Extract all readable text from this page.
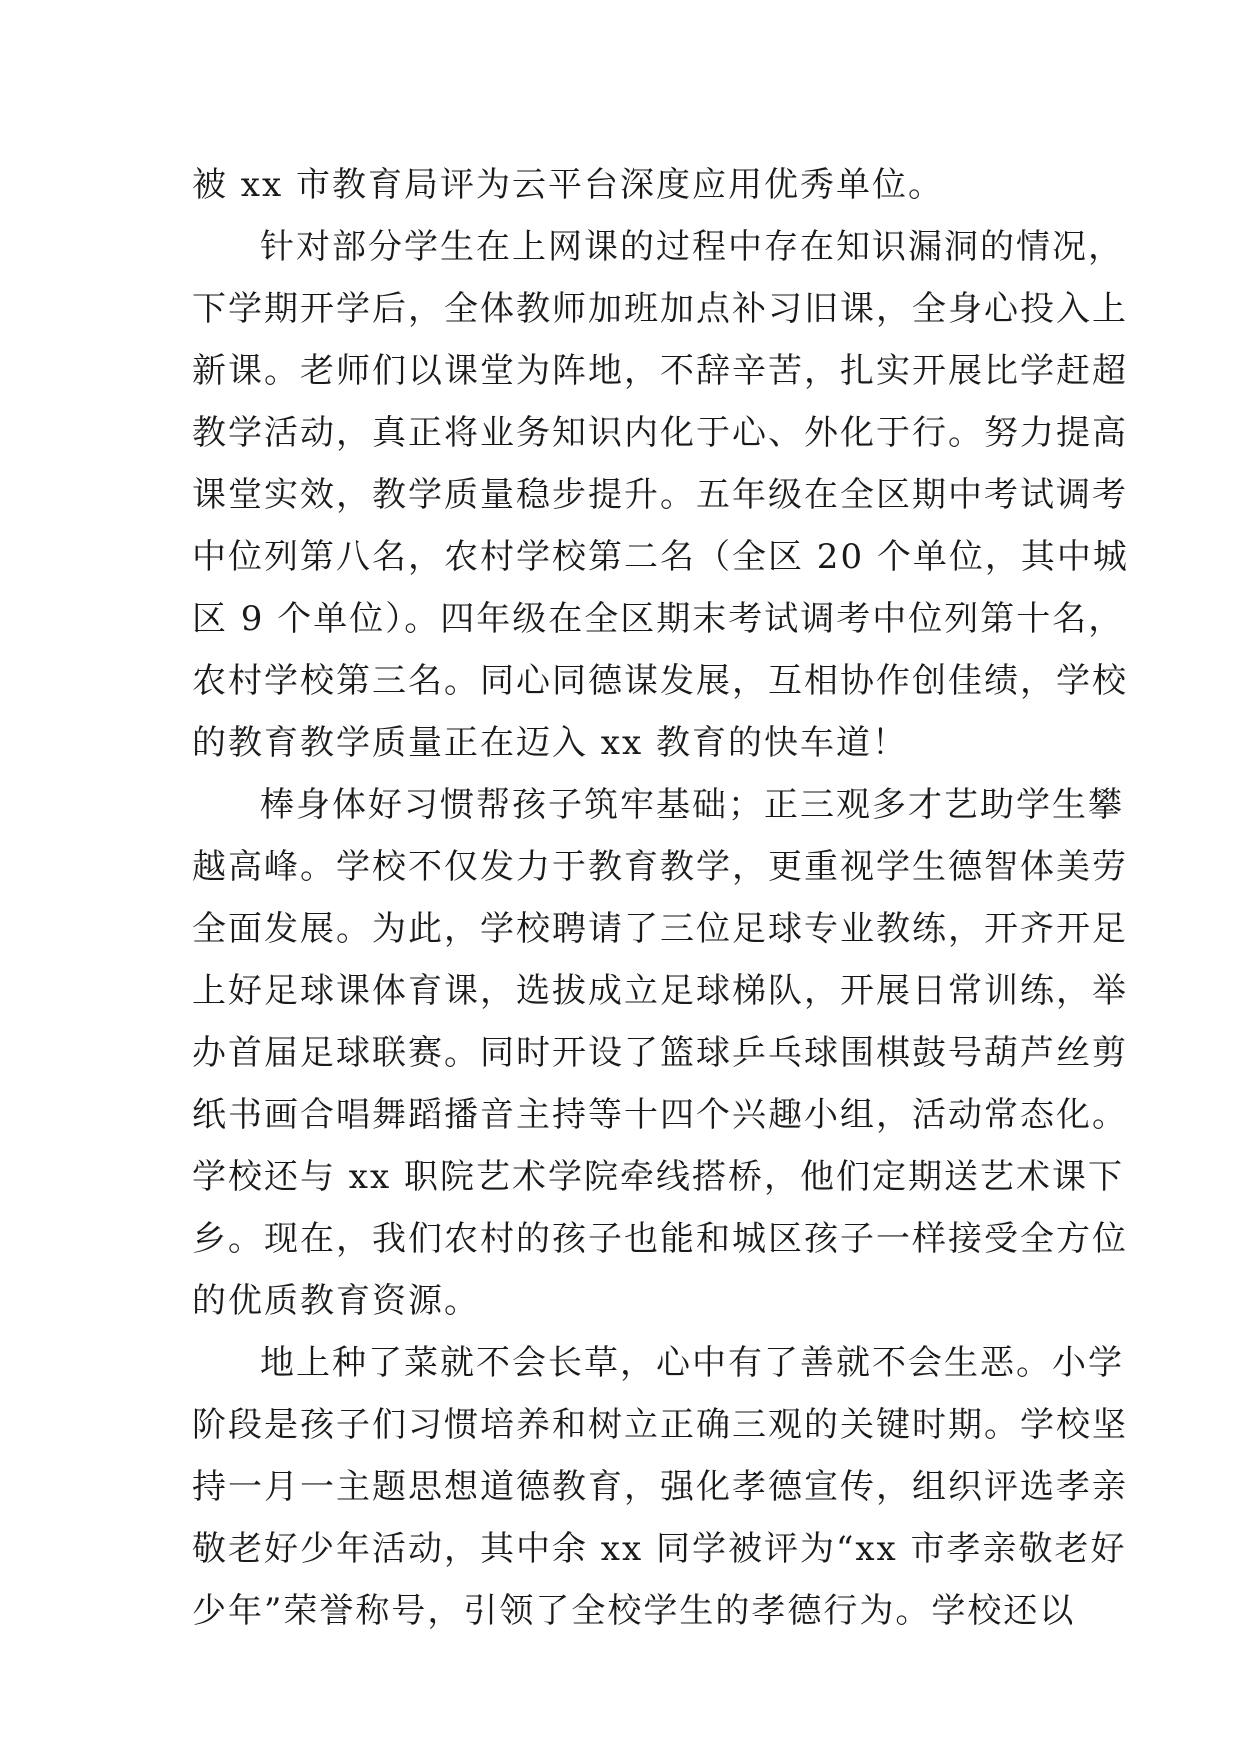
被 xx 市教育局评为云平台深度应用优秀单位。
针对部分学生在上网课的过程中存在知识漏洞的情况，
下学期开学后，全体教师加班加点补习旧课，全身心投入上
新课。老师们以课堂为阵地，不辞辛苦，扎实开展比学赶超
教学活动，真正将业务知识内化于心、外化于行。努力提高
课堂实效，教学质量稳步提升。五年级在全区期中考试调考
中位列第八名，农村学校第二名（全区 20 个单位，其中城
区 9 个单位）。四年级在全区期末考试调考中位列第十名，
农村学校第三名。同心同德谋发展，互相协作创佳绩，学校
的教育教学质量正在迈入 xx 教育的快车道！
棒身体好习惯帮孩子筑牢基础；正三观多才艺助学生攀
越高峰。学校不仅发力于教育教学，更重视学生德智体美劳
全面发展。为此，学校聘请了三位足球专业教练，开齐开足
上好足球课体育课，选拔成立足球梯队，开展日常训练，举
办首届足球联赛。同时开设了篮球乒乓球围棋鼓号葫芦丝剪
纸书画合唱舞蹈播音主持等十四个兴趣小组，活动常态化。
学校还与 xx 职院艺术学院牵线搭桥，他们定期送艺术课下
乡。现在，我们农村的孩子也能和城区孩子一样接受全方位
的优质教育资源。
地上种了菜就不会长草，心中有了善就不会生恶。小学
阶段是孩子们习惯培养和树立正确三观的关键时期。学校坚
持一月一主题思想道德教育，强化孝德宣传，组织评选孝亲
敬老好少年活动，其中余 xx 同学被评为“xx 市孝亲敬老好
少年”荣誉称号，引领了全校学生的孝德行为。学校还以
